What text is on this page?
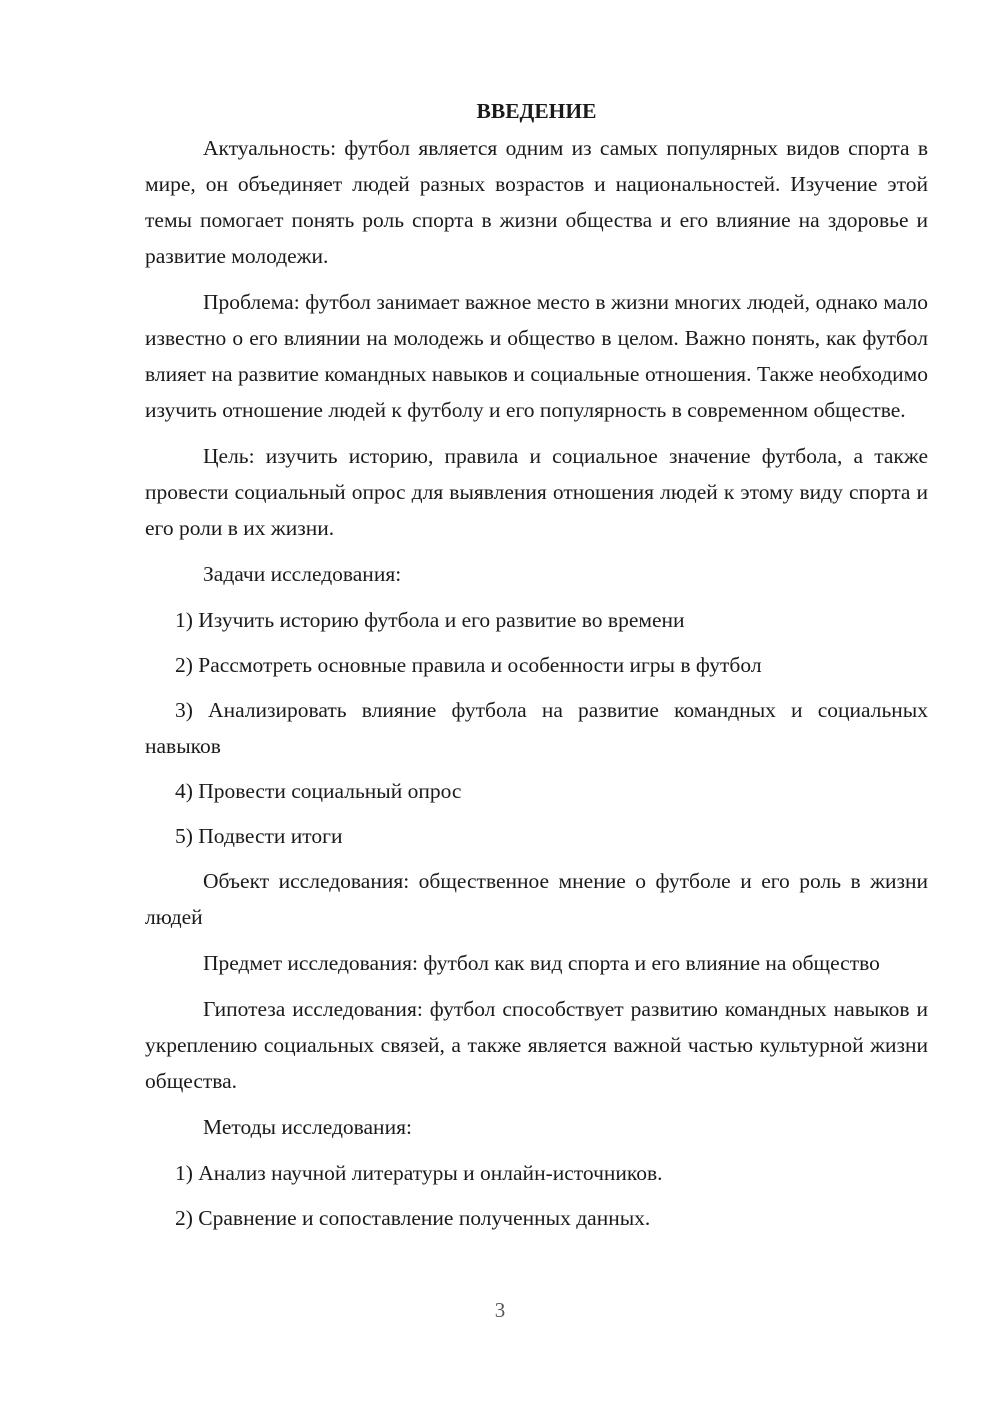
ВВЕДЕНИЕ

Актуальность: футбол является одним из самых популярных видов спорта в мире, он объединяет людей разных возрастов и национальностей. Изучение этой темы помогает понять роль спорта в жизни общества и его влияние на здоровье и развитие молодежи.

Проблема: футбол занимает важное место в жизни многих людей, однако мало известно о его влиянии на молодежь и общество в целом. Важно понять, как футбол влияет на развитие командных навыков и социальные отношения. Также необходимо изучить отношение людей к футболу и его популярность в современном обществе.

Цель: изучить историю, правила и социальное значение футбола, а также провести социальный опрос для выявления отношения людей к этому виду спорта и его роли в их жизни.

Задачи исследования:

1) Изучить историю футбола и его развитие во времени

2) Рассмотреть основные правила и особенности игры в футбол

3) Анализировать влияние футбола на развитие командных и социальных навыков

4) Провести социальный опрос

5) Подвести итоги

Объект исследования: общественное мнение о футболе и его роль в жизни людей

Предмет исследования: футбол как вид спорта и его влияние на общество

Гипотеза исследования: футбол способствует развитию командных навыков и укреплению социальных связей, а также является важной частью культурной жизни общества.

Методы исследования:

1) Анализ научной литературы и онлайн-источников.

2) Сравнение и сопоставление полученных данных.

3
